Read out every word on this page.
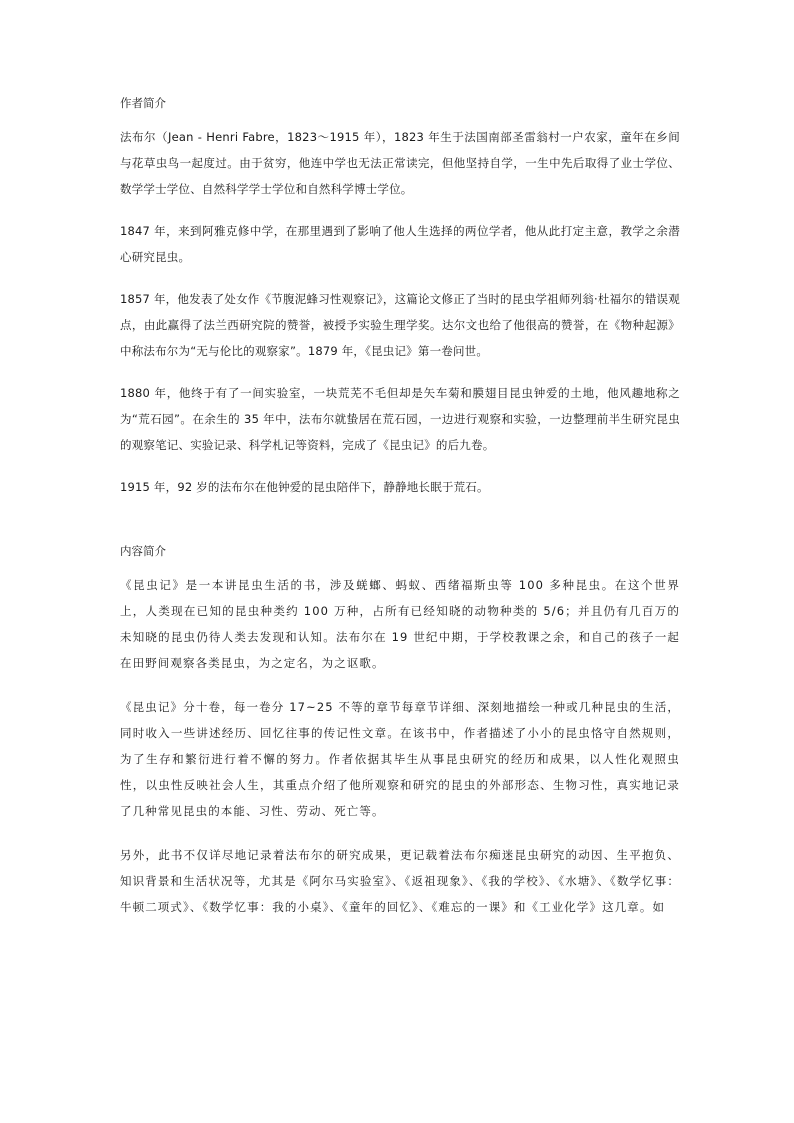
作者简介

法布尔（Jean - Henri Fabre，1823～1915 年），1823 年生于法国南部圣雷翁村一户农家，童年在乡间与花草虫鸟一起度过。由于贫穷，他连中学也无法正常读完，但他坚持自学，一生中先后取得了业士学位、数学学士学位、自然科学学士学位和自然科学博士学位。

1847 年，来到阿雅克修中学，在那里遇到了影响了他人生选择的两位学者，他从此打定主意，教学之余潜心研究昆虫。

1857 年，他发表了处女作《节腹泥蜂习性观察记》，这篇论文修正了当时的昆虫学祖师列翁·杜福尔的错误观点，由此赢得了法兰西研究院的赞誉，被授予实验生理学奖。达尔文也给了他很高的赞誉，在《物种起源》中称法布尔为“无与伦比的观察家”。1879 年，《昆虫记》第一卷问世。

1880 年，他终于有了一间实验室，一块荒芜不毛但却是矢车菊和膜翅目昆虫钟爱的土地，他风趣地称之为“荒石园”。在余生的 35 年中，法布尔就蛰居在荒石园，一边进行观察和实验，一边整理前半生研究昆虫的观察笔记、实验记录、科学札记等资料，完成了《昆虫记》的后九卷。

1915 年，92 岁的法布尔在他钟爱的昆虫陪伴下，静静地长眠于荒石。

内容简介

《昆虫记》是一本讲昆虫生活的书，涉及蜣螂、蚂蚁、西绪福斯虫等 100 多种昆虫。在这个世界上，人类现在已知的昆虫种类约 100 万种，占所有已经知晓的动物种类的 5/6；并且仍有几百万的未知晓的昆虫仍待人类去发现和认知。法布尔在 19 世纪中期，于学校教课之余，和自己的孩子一起在田野间观察各类昆虫，为之定名，为之讴歌。

《昆虫记》分十卷，每一卷分 17~25 不等的章节每章节详细、深刻地描绘一种或几种昆虫的生活，同时收入一些讲述经历、回忆往事的传记性文章。在该书中，作者描述了小小的昆虫恪守自然规则，为了生存和繁衍进行着不懈的努力。作者依据其毕生从事昆虫研究的经历和成果，以人性化观照虫性，以虫性反映社会人生，其重点介绍了他所观察和研究的昆虫的外部形态、生物习性，真实地记录了几种常见昆虫的本能、习性、劳动、死亡等。

另外，此书不仅详尽地记录着法布尔的研究成果，更记载着法布尔痴迷昆虫研究的动因、生平抱负、知识背景和生活状况等，尤其是《阿尔马实验室》、《返祖现象》、《我的学校》、《水塘》、《数学忆事：牛顿二项式》、《数学忆事：我的小桌》、《童年的回忆》、《难忘的一课》和《工业化学》这几章。如
